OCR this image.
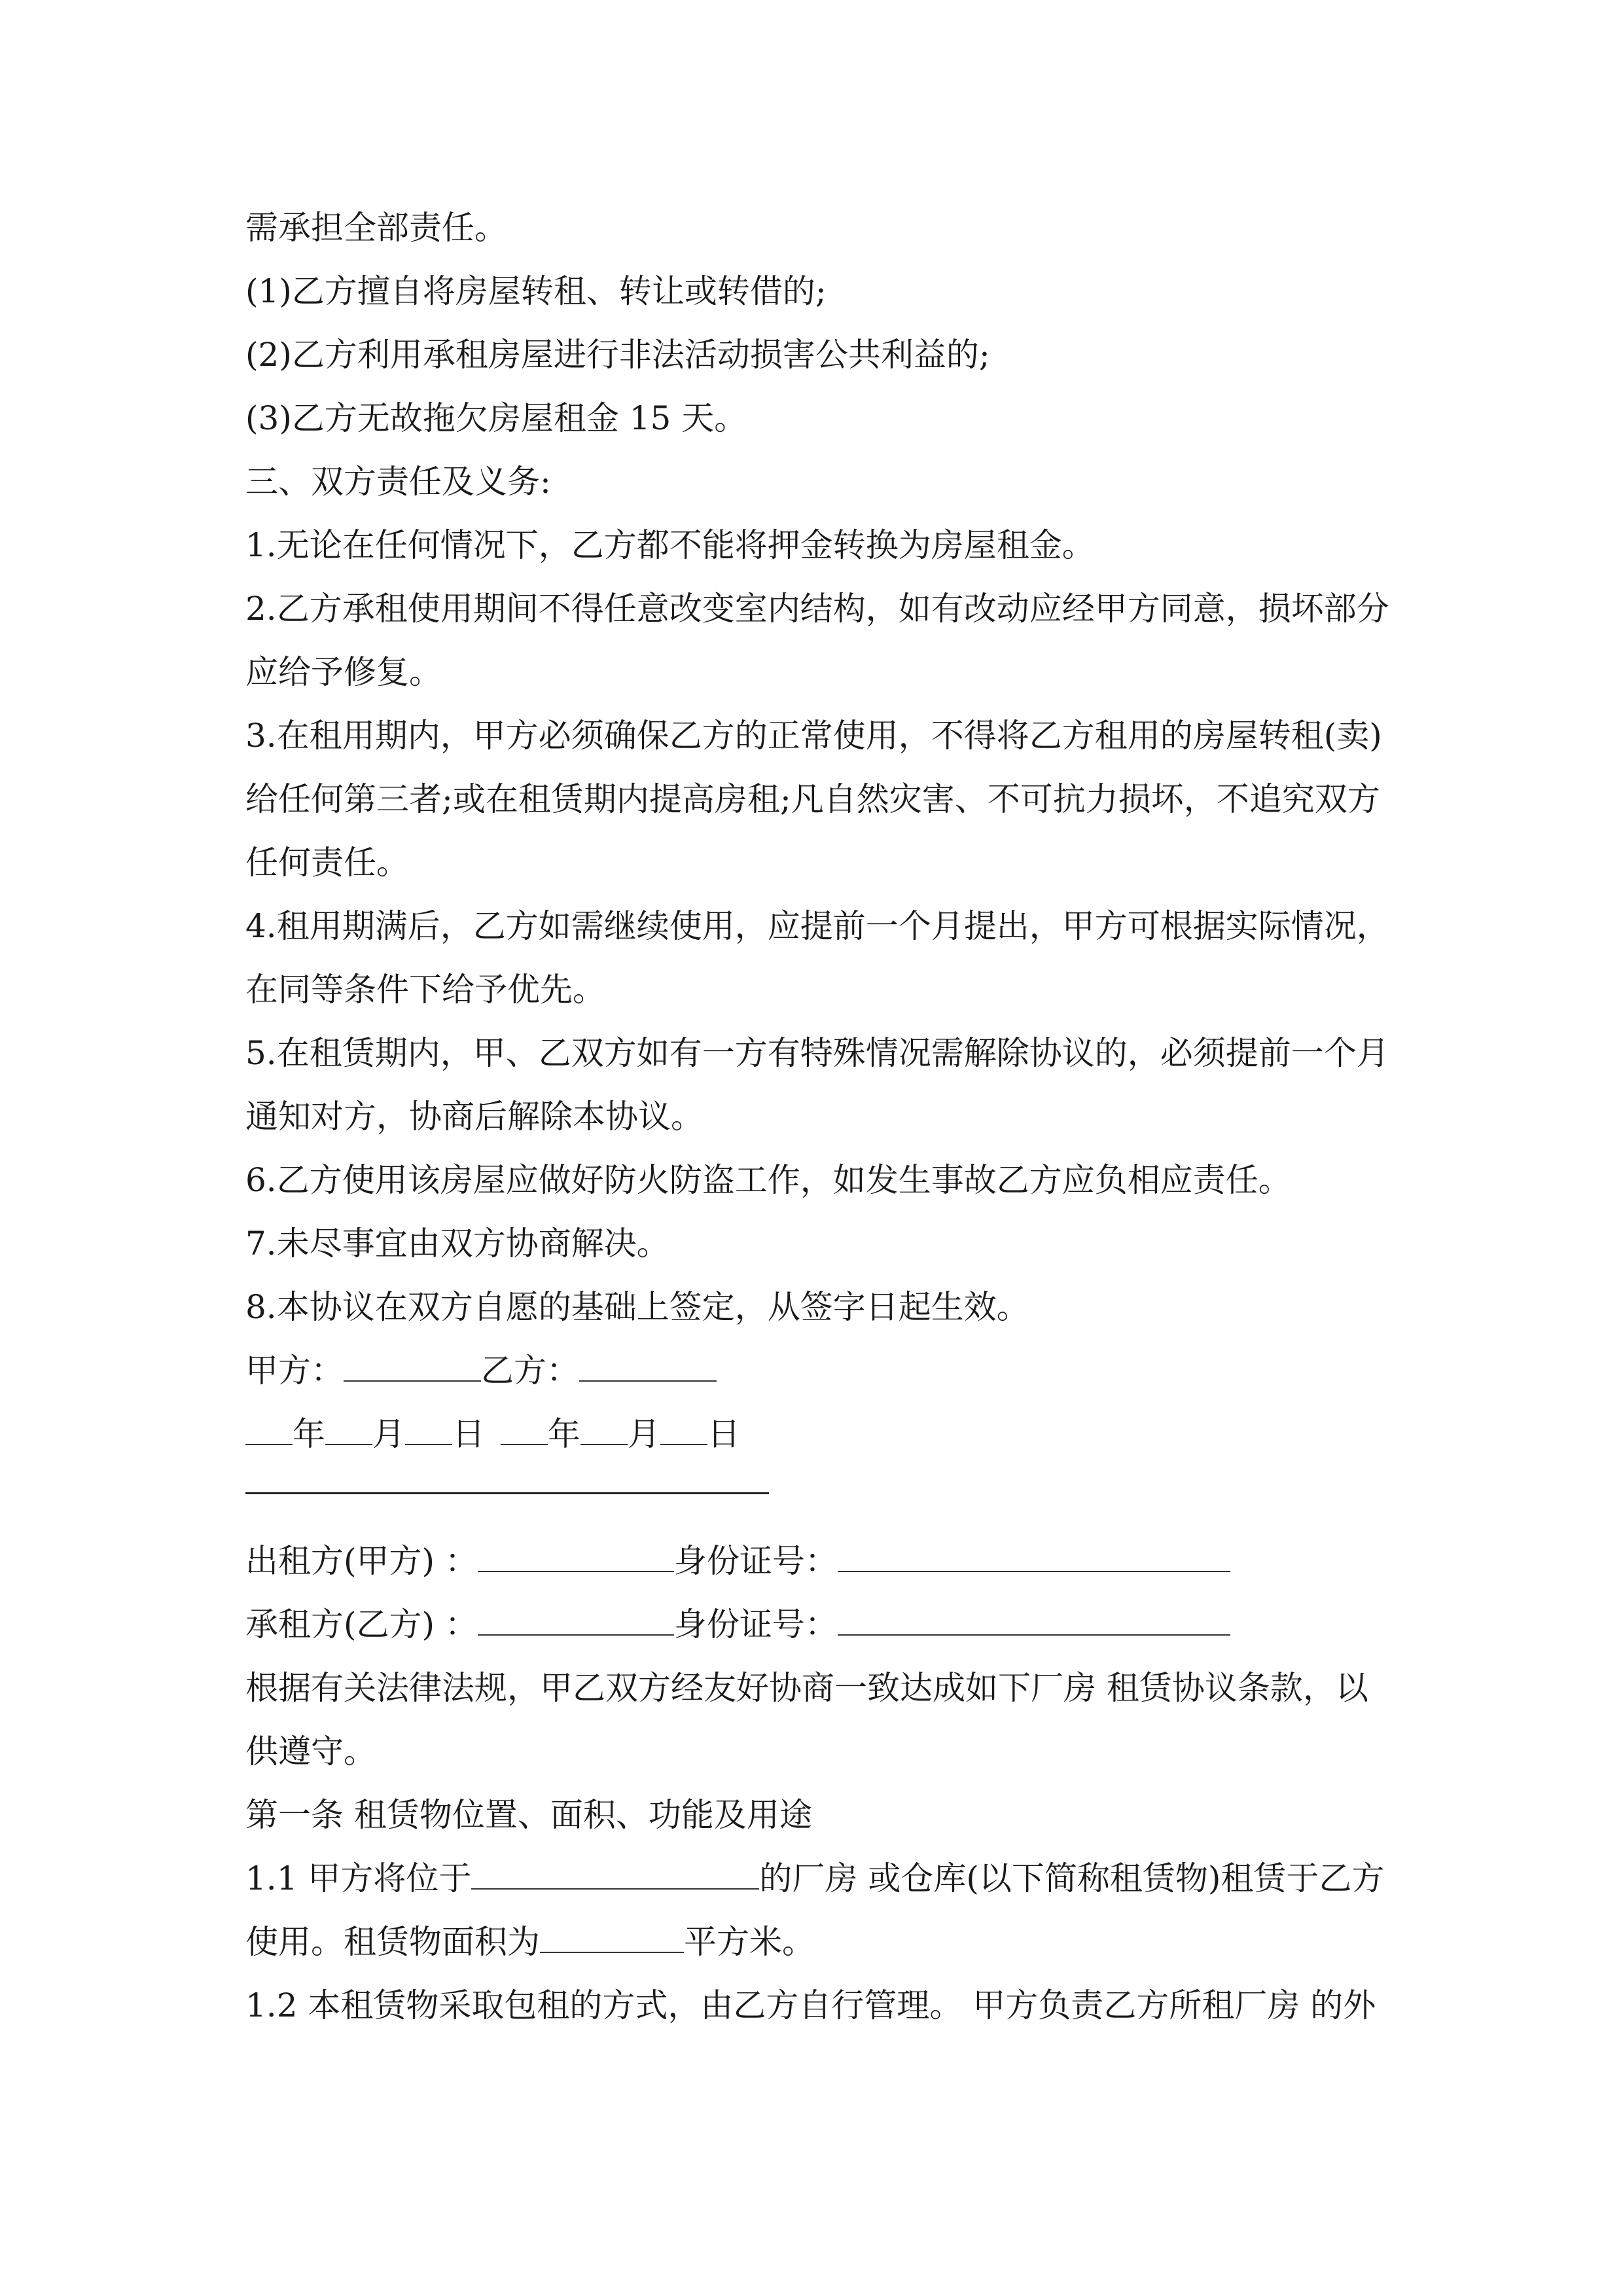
需承担全部责任。
(1)乙方擅自将房屋转租、转让或转借的;
(2)乙方利用承租房屋进行非法活动损害公共利益的;
(3)乙方无故拖欠房屋租金 15 天。
三、双方责任及义务:
1.无论在任何情况下，乙方都不能将押金转换为房屋租金。
2.乙方承租使用期间不得任意改变室内结构，如有改动应经甲方同意，损坏部分
应给予修复。
3.在租用期内，甲方必须确保乙方的正常使用，不得将乙方租用的房屋转租(卖)
给任何第三者;或在租赁期内提高房租;凡自然灾害、不可抗力损坏，不追究双方
任何责任。
4.租用期满后，乙方如需继续使用，应提前一个月提出，甲方可根据实际情况，
在同等条件下给予优先。
5.在租赁期内，甲、乙双方如有一方有特殊情况需解除协议的，必须提前一个月
通知对方，协商后解除本协议。
6.乙方使用该房屋应做好防火防盗工作，如发生事故乙方应负相应责任。
7.未尽事宜由双方协商解决。
8.本协议在双方自愿的基础上签定，从签字日起生效。
甲方：	乙方：
年 月 日 年 月 日
出租方(甲方) ：	身份证号：
承租方(乙方) ：	身份证号：
根据有关法律法规，甲乙双方经友好协商一致达成如下厂房 租赁协议条款，以
供遵守。
第一条 租赁物位置、面积、功能及用途
1.1 甲方将位于	的厂房 或仓库(以下简称租赁物)租赁于乙方
使用。租赁物面积为	平方米。
1.2 本租赁物采取包租的方式，由乙方自行管理。 甲方负责乙方所租厂房 的外
